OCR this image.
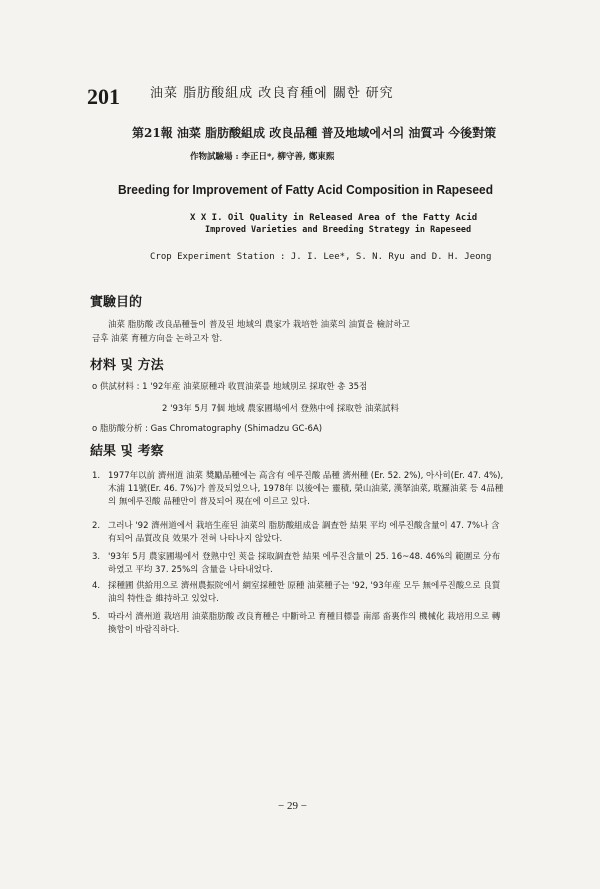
201 油菜 脂肪酸組成 改良育種에 關한 研究
第21報 油菜 脂肪酸組成 改良品種 普及地域에서의 油質과 今後對策
作物試驗場 : 李正日*, 柳守善, 鄭東熙
Breeding for Improvement of Fatty Acid Composition in Rapeseed
X X I. Oil Quality in Released Area of the Fatty Acid
Improved Varieties and Breeding Strategy in Rapeseed
Crop Experiment Station : J. I. Lee*, S. N. Ryu and D. H. Jeong
實驗目的
油菜 脂肪酸 改良品種들이 普及된 地域의 農家가 栽培한 油菜의 油質을 檢討하고
금후 油菜 育種方向을 논하고자 함.
材料 및 方法
o 供試材料 : 1 '92年産 油菜原種과 收買油菜를 地域別로 採取한 총 35점
2 '93年 5月 7個 地域 農家圃場에서 登熟中에 採取한 油菜試料
o 脂肪酸分析 : Gas Chromatography (Shimadzu GC-6A)
結果 및 考察
1. 1977年以前 濟州道 油菜 奬勵品種에는 高含有 에루진酸 品種 濟州種 (Er. 52. 2%), 아사히(Er. 47. 4%), 木浦 11號(Er. 46. 7%)가 普及되었으나, 1978年 以後에는 靈積, 榮山油菜, 漢拏油菜, 耽羅油菜 등 4品種의 無에루진酸 品種만이 普及되어 現在에 이르고 있다.
2. 그러나 '92 濟州道에서 栽培生産된 油菜의 脂肪酸組成을 調査한 結果 平均 에루진酸含量이 47. 7%나 含有되어 品質改良 效果가 전혀 나타나지 않았다.
3. '93年 5月 農家圃場에서 登熟中인 莢을 採取調査한 結果 에루진含量이 25. 16~48. 46%의 範圍로 分布하였고 平均 37. 25%의 含量을 나타내었다.
4. 採種圃 供給用으로 濟州農振院에서 網室採種한 原種 油菜種子는 '92, '93年産 모두 無에루진酸으로 良質油의 特性을 維持하고 있었다.
5. 따라서 濟州道 栽培用 油菜脂肪酸 改良育種은 中斷하고 育種目標를 南部 畓裏作의 機械化 栽培用으로 轉換함이 바람직하다.
− 29 −
